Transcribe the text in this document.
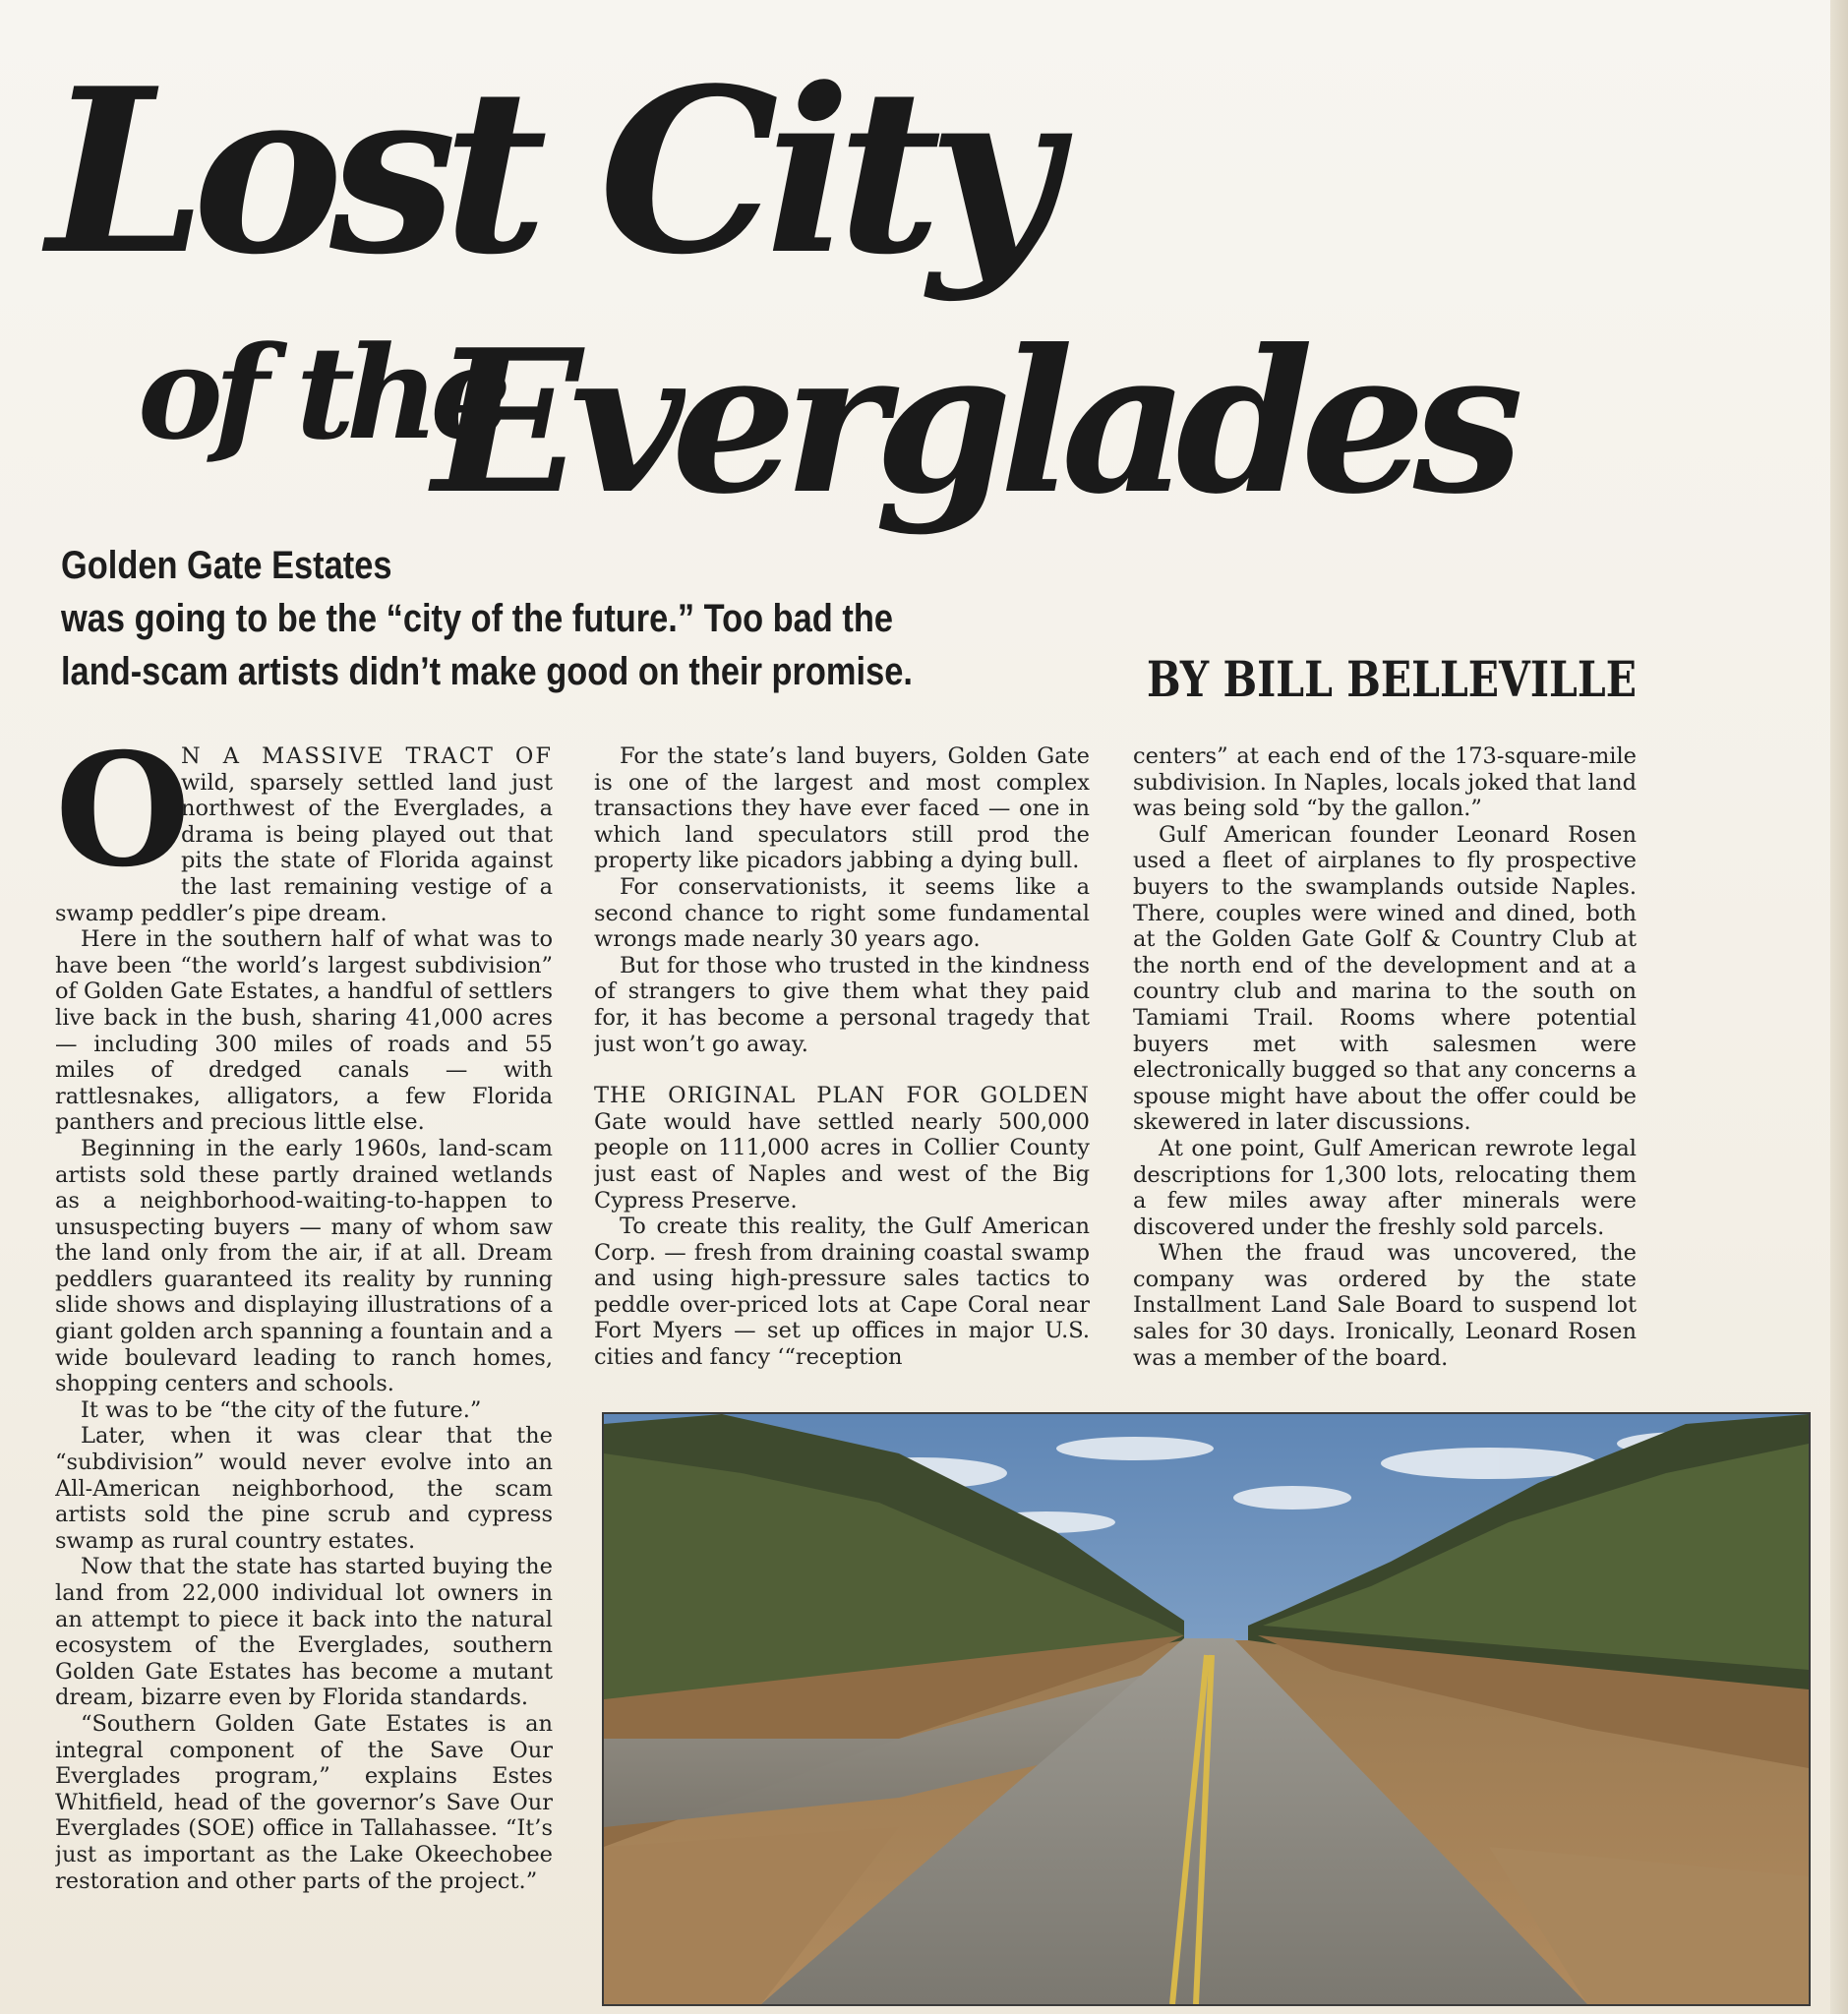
Lost City
of the
Everglades
Golden Gate Estates
was going to be the “city of the future.” Too bad the
land-scam artists didn’t make good on their promise.	BY BILL BELLEVILLE
O

N A MASSIVE TRACT OF wild, sparsely settled land just northwest of the Everglades, a drama is being played out that pits the state of Florida against the last remaining vestige of a swamp peddler’s pipe dream.

Here in the southern half of what was to have been “the world’s largest subdivision” of Golden Gate Estates, a handful of settlers live back in the bush, sharing 41,000 acres — including 300 miles of roads and 55 miles of dredged canals — with rattlesnakes, alligators, a few Florida panthers and precious little else.

Beginning in the early 1960s, land-scam artists sold these partly drained wetlands as a neighborhood-waiting-to-happen to unsuspecting buyers — many of whom saw the land only from the air, if at all. Dream peddlers guaranteed its reality by running slide shows and displaying illustrations of a giant golden arch spanning a fountain and a wide boulevard leading to ranch homes, shopping centers and schools.

It was to be “the city of the future.”

Later, when it was clear that the “subdivision” would never evolve into an All-American neighborhood, the scam artists sold the pine scrub and cypress swamp as rural country estates.

Now that the state has started buying the land from 22,000 individual lot owners in an attempt to piece it back into the natural ecosystem of the Everglades, southern Golden Gate Estates has become a mutant dream, bizarre even by Florida standards.

“Southern Golden Gate Estates is an integral component of the Save Our Everglades program,” explains Estes Whitfield, head of the governor’s Save Our Everglades (SOE) office in Tallahassee. “It’s just as important as the Lake Okeechobee restoration and other parts of the project.”

For the state’s land buyers, Golden Gate is one of the largest and most complex transactions they have ever faced — one in which land speculators still prod the property like picadors jabbing a dying bull.

For conservationists, it seems like a second chance to right some fundamental wrongs made nearly 30 years ago.

But for those who trusted in the kindness of strangers to give them what they paid for, it has become a personal tragedy that just won’t go away.

THE ORIGINAL PLAN FOR GOLDEN Gate would have settled nearly 500,000 people on 111,000 acres in Collier County just east of Naples and west of the Big Cypress Preserve.

To create this reality, the Gulf American Corp. — fresh from draining coastal swamp and using high-pressure sales tactics to peddle over-priced lots at Cape Coral near Fort Myers — set up offices in major U.S. cities and fancy ‘“reception

centers” at each end of the 173-square-mile subdivision. In Naples, locals joked that land was being sold “by the gallon.”

Gulf American founder Leonard Rosen used a fleet of airplanes to fly prospective buyers to the swamplands outside Naples. There, couples were wined and dined, both at the Golden Gate Golf & Country Club at the north end of the development and at a country club and marina to the south on Tamiami Trail. Rooms where potential buyers met with salesmen were electronically bugged so that any concerns a spouse might have about the offer could be skewered in later discussions.

At one point, Gulf American rewrote legal descriptions for 1,300 lots, relocating them a few miles away after minerals were discovered under the freshly sold parcels.

When the fraud was uncovered, the company was ordered by the state Installment Land Sale Board to suspend lot sales for 30 days. Ironically, Leonard Rosen was a member of the board.
